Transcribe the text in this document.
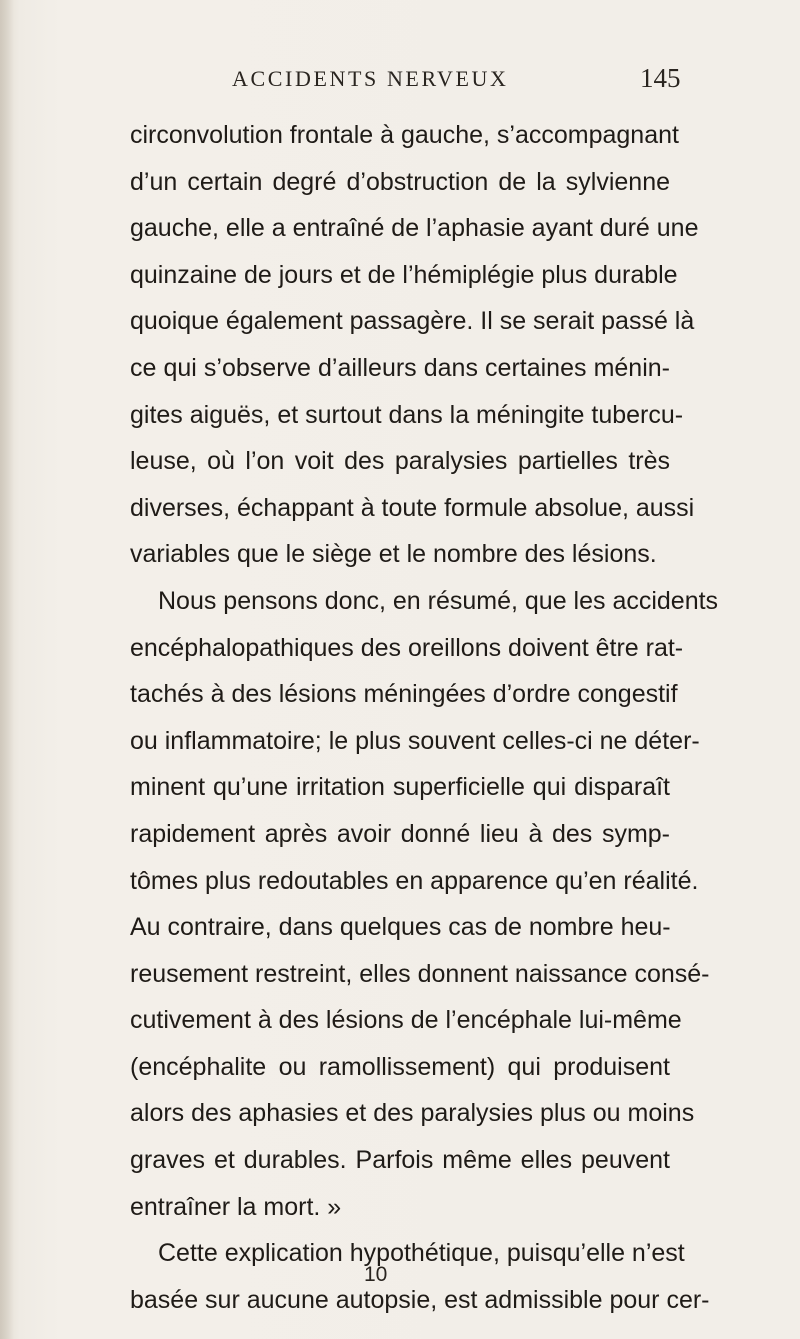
ACCIDENTS NERVEUX	145
circonvolution frontale à gauche, s’accompagnant
d’un certain degré d’obstruction de la sylvienne
gauche, elle a entraîné de l’aphasie ayant duré une
quinzaine de jours et de l’hémiplégie plus durable
quoique également passagère. Il se serait passé là
ce qui s’observe d’ailleurs dans certaines ménin-
gites aiguës, et surtout dans la méningite tubercu-
leuse, où l’on voit des paralysies partielles très
diverses, échappant à toute formule absolue, aussi
variables que le siège et le nombre des lésions.
Nous pensons donc, en résumé, que les accidents
encéphalopathiques des oreillons doivent être rat-
tachés à des lésions méningées d’ordre congestif
ou inflammatoire; le plus souvent celles-ci ne déter-
minent qu’une irritation superficielle qui disparaît
rapidement après avoir donné lieu à des symp-
tômes plus redoutables en apparence qu’en réalité.
Au contraire, dans quelques cas de nombre heu-
reusement restreint, elles donnent naissance consé-
cutivement à des lésions de l’encéphale lui-même
(encéphalite ou ramollissement) qui produisent
alors des aphasies et des paralysies plus ou moins
graves et durables. Parfois même elles peuvent
entraîner la mort. »
Cette explication hypothétique, puisqu’elle n’est
basée sur aucune autopsie, est admissible pour cer-
10
